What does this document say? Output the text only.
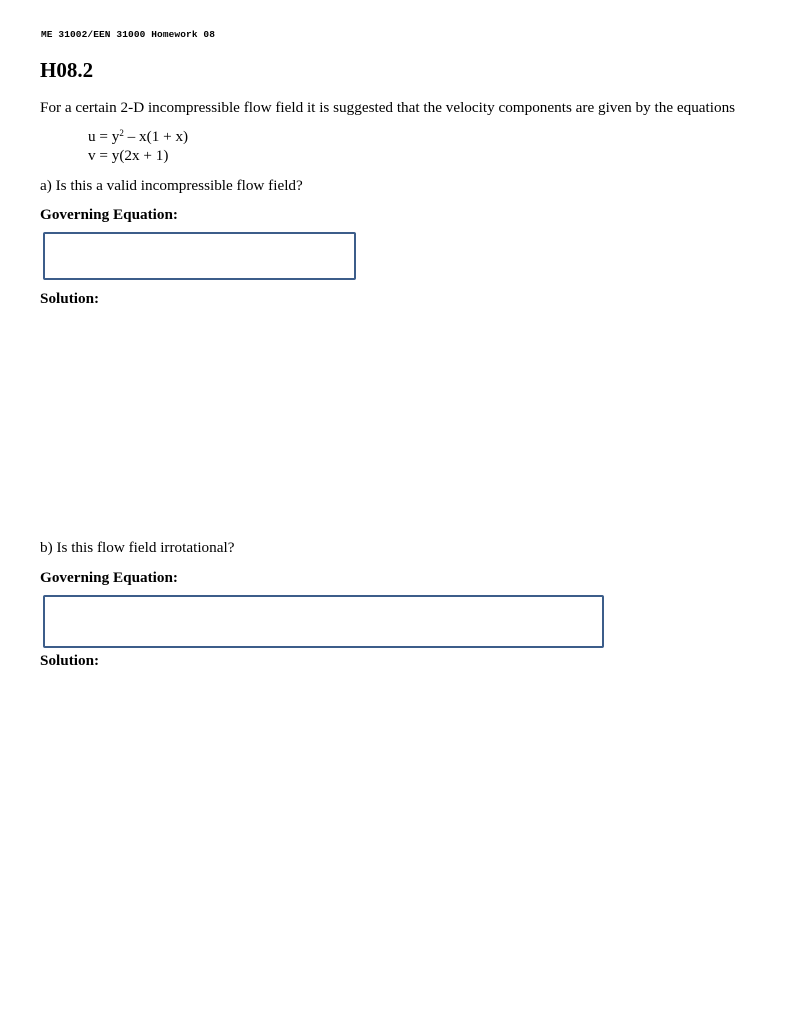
ME 31002/EEN 31000 Homework 08
H08.2
For a certain 2-D incompressible flow field it is suggested that the velocity components are given by the equations
$u = y^2 - x(1 + x)$
v = y(2x + 1)
a) Is this a valid incompressible flow field?
Governing Equation:
Solution:
b) Is this flow field irrotational?
Governing Equation:
Solution:
